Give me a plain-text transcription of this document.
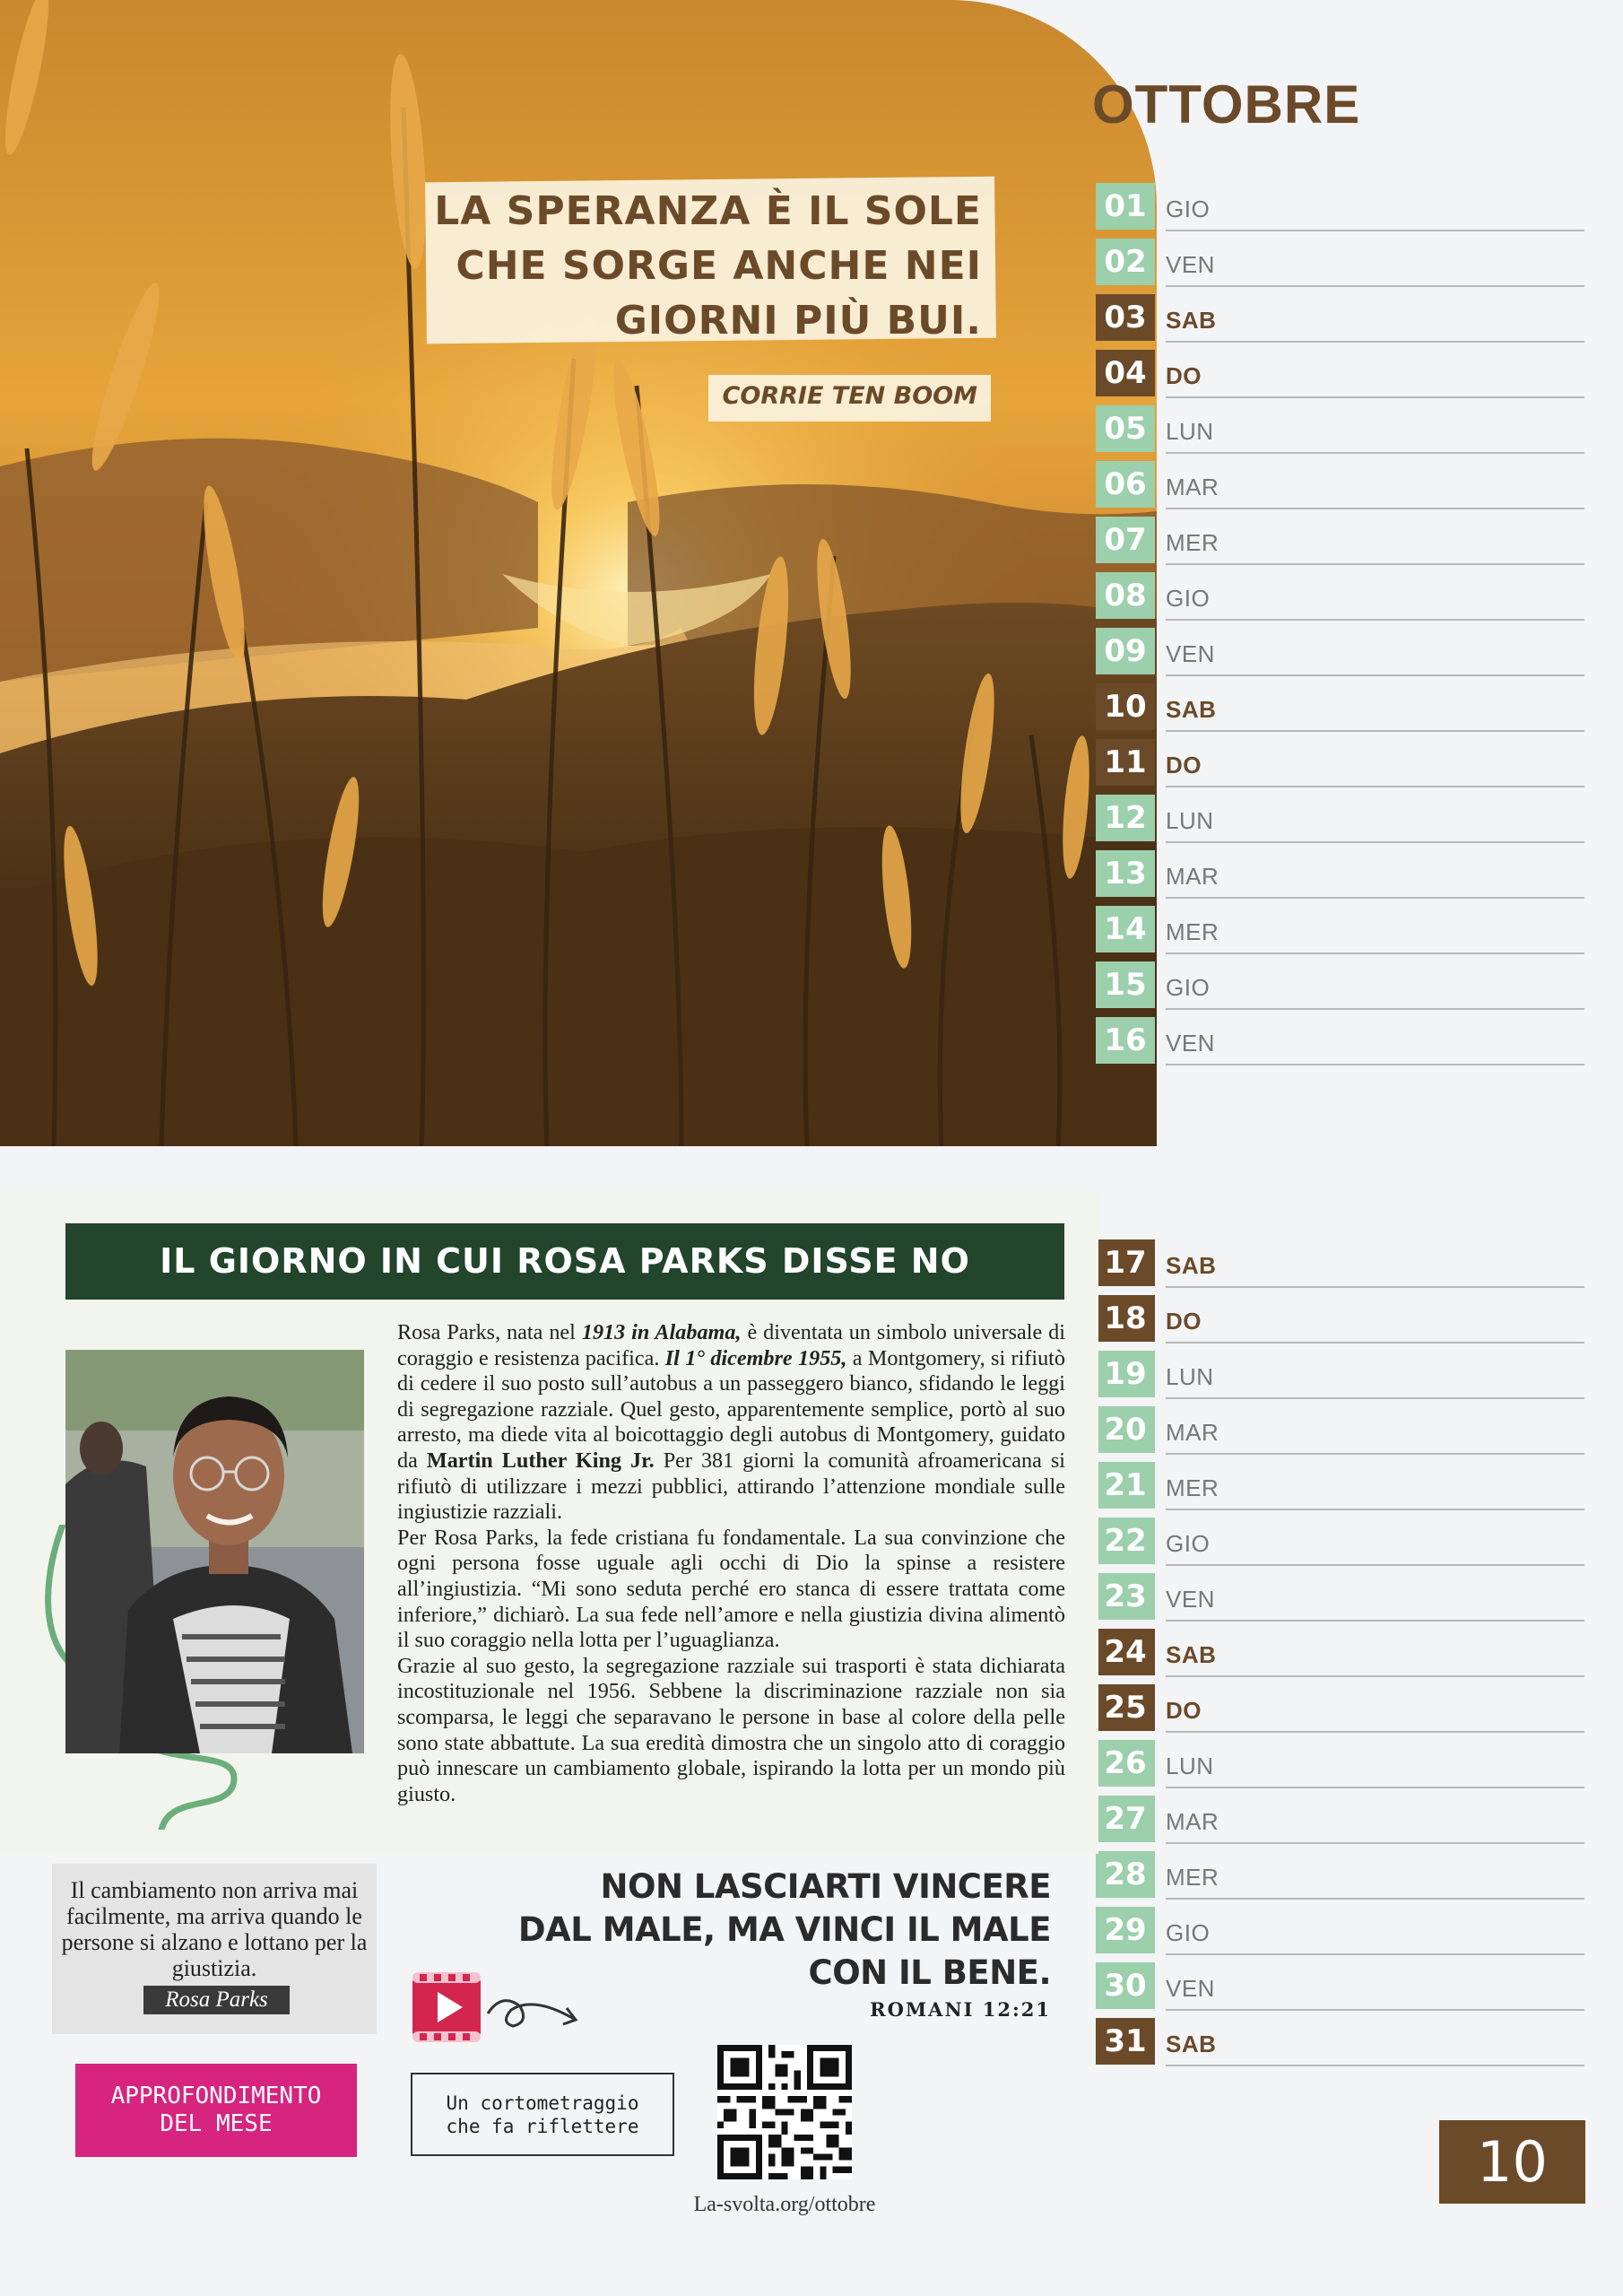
LA SPERANZA È IL SOLE
CHE SORGE ANCHE NEI
GIORNI PIÙ BUI.
CORRIE TEN BOOM
OTTOBRE
01 GIO
02 VEN
03 SAB
04 DO
05 LUN
06 MAR
07 MER
08 GIO
09 VEN
10 SAB
11 DO
12 LUN
13 MAR
14 MER
15 GIO
16 VEN
17 SAB
18 DO
19 LUN
20 MAR
21 MER
22 GIO
23 VEN
24 SAB
25 DO
26 LUN
27 MAR
28 MER
29 GIO
30 VEN
31 SAB
IL GIORNO IN CUI ROSA PARKS DISSE NO

Rosa Parks, nata nel 1913 in Alabama, è diventata un simbolo universale di coraggio e resistenza pacifica. Il 1° dicembre 1955, a Montgomery, si rifiutò di cedere il suo posto sull’autobus a un passeggero bianco, sfidando le leggi di segregazione razziale. Quel gesto, apparentemente semplice, portò al suo arresto, ma diede vita al boicottaggio degli autobus di Montgomery, guidato da Martin Luther King Jr. Per 381 giorni la comunità afroamericana si rifiutò di utilizzare i mezzi pubblici, attirando l’attenzione mondiale sulle ingiustizie razziali.

Per Rosa Parks, la fede cristiana fu fondamentale. La sua convinzione che ogni persona fosse uguale agli occhi di Dio la spinse a resistere all’ingiustizia. “Mi sono seduta perché ero stanca di essere trattata come inferiore,” dichiarò. La sua fede nell’amore e nella giustizia divina alimentò il suo coraggio nella lotta per l’uguaglianza.

Grazie al suo gesto, la segregazione razziale sui trasporti è stata dichiarata incostituzionale nel 1956. Sebbene la discriminazione razziale non sia scomparsa, le leggi che separavano le persone in base al colore della pelle sono state abbattute. La sua eredità dimostra che un singolo atto di coraggio può innescare un cambiamento globale, ispirando la lotta per un mondo più giusto.

Il cambiamento non arriva mai facilmente, ma arriva quando le persone si alzano e lottano per la giustizia.
Rosa Parks
APPROFONDIMENTO
DEL MESE
NON LASCIARTI VINCERE
DAL MALE, MA VINCI IL MALE
CON IL BENE.
ROMANI 12:21
Un cortometraggio
che fa riflettere
La-svolta.org/ottobre
10
